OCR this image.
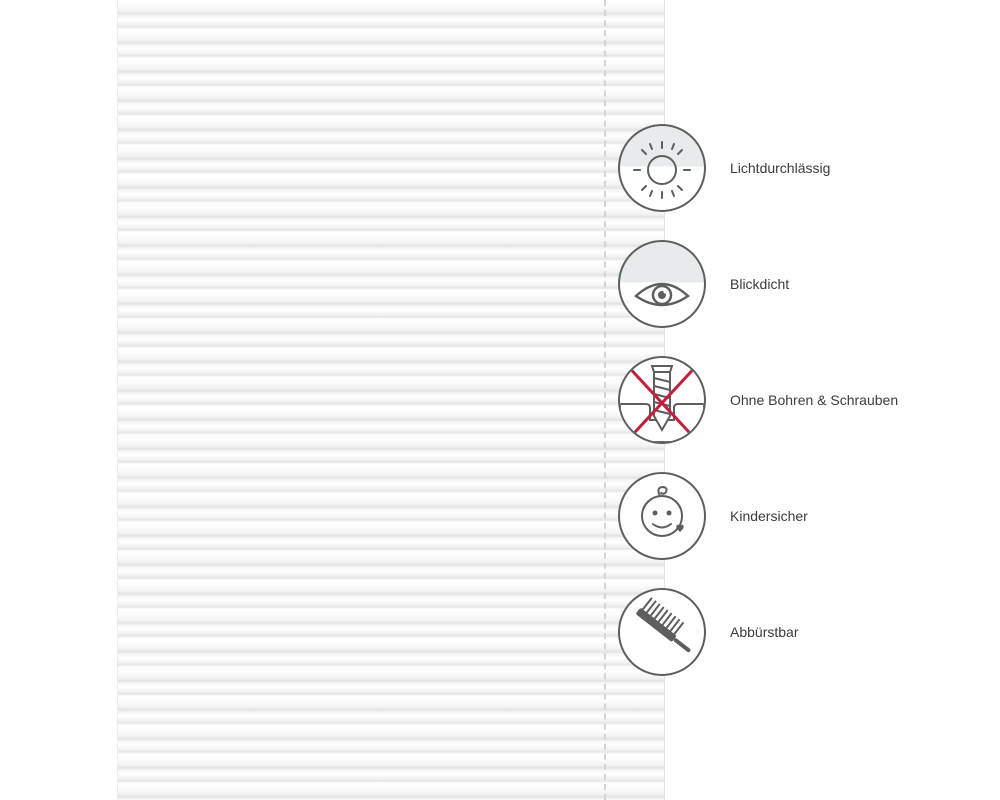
Lichtdurchlässig
Blickdicht
Ohne Bohren & Schrauben
Kindersicher
Abbürstbar
